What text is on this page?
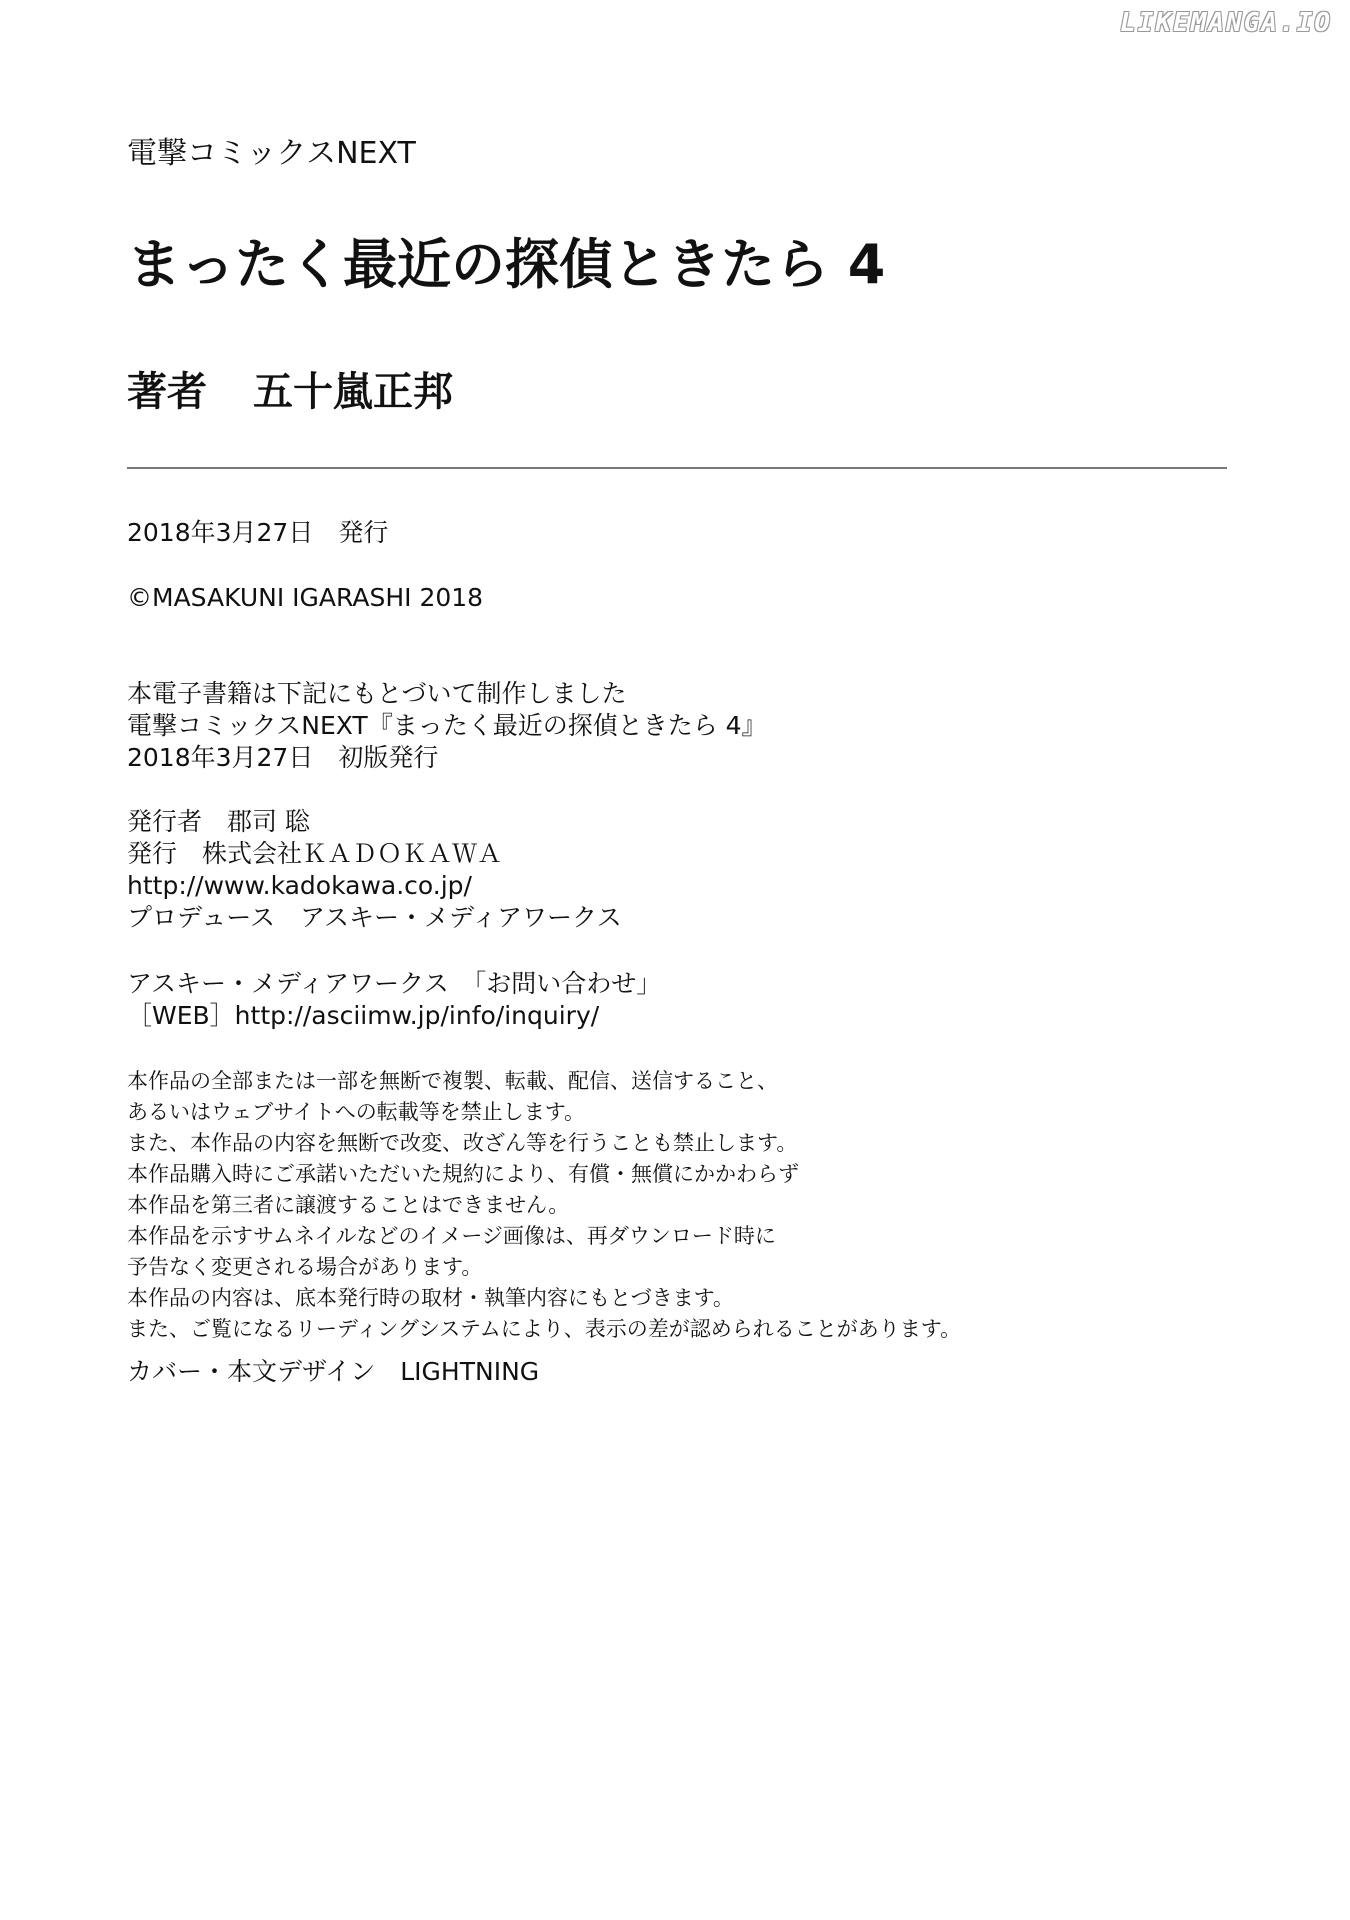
LIKEMANGA.IO
電撃コミックスNEXT
まったく最近の探偵ときたら 4
著者 五十嵐正邦
2018年3月27日　発行
©MASAKUNI IGARASHI 2018
本電子書籍は下記にもとづいて制作しました
電撃コミックスNEXT『まったく最近の探偵ときたら 4』
2018年3月27日　初版発行
発行者　郡司 聡
発行　株式会社ＫＡＤＯＫＡＷＡ
http://www.kadokawa.co.jp/
プロデュース　アスキー・メディアワークス
アスキー・メディアワークス　「お問い合わせ」
［WEB］http://asciimw.jp/info/inquiry/
本作品の全部または一部を無断で複製、転載、配信、送信すること、
あるいはウェブサイトへの転載等を禁止します。
また、本作品の内容を無断で改変、改ざん等を行うことも禁止します。
本作品購入時にご承諾いただいた規約により、有償・無償にかかわらず
本作品を第三者に譲渡することはできません。
本作品を示すサムネイルなどのイメージ画像は、再ダウンロード時に
予告なく変更される場合があります。
本作品の内容は、底本発行時の取材・執筆内容にもとづきます。
また、ご覧になるリーディングシステムにより、表示の差が認められることがあります。
カバー・本文デザイン　LIGHTNING
